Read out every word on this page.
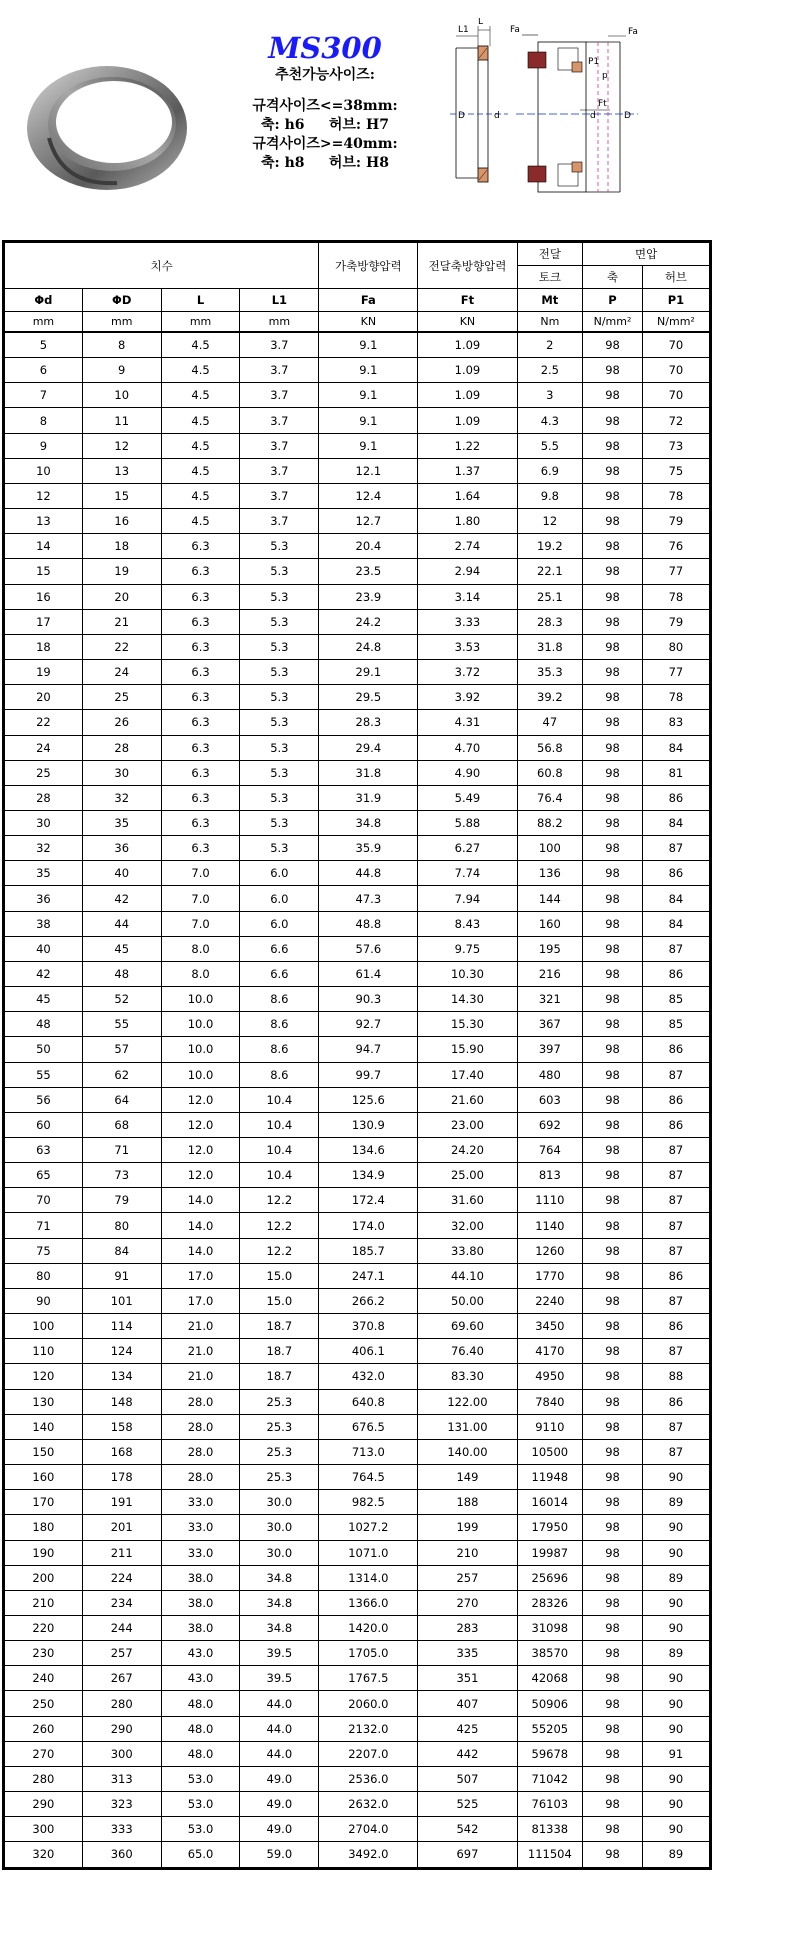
MS300
추천가능사이즈:
규격사이즈<=38mm:
축: h6     허브: H7
규격사이즈>=40mm:
축: h8     허브: H8
L1
L
D	d
Fa	Fa
p
P1
Ft
d	D
치수				가축방향압력	전달축방향압력	전달	면압	
						토크	축	허브
Φd	ΦD	L	L1	Fa	Ft	Mt	P	P1
mm	mm	mm	mm	KN	KN	Nm	N/mm²	N/mm²
5	8	4.5	3.7	9.1	1.09	2	98	70
6	9	4.5	3.7	9.1	1.09	2.5	98	70
7	10	4.5	3.7	9.1	1.09	3	98	70
8	11	4.5	3.7	9.1	1.09	4.3	98	72
9	12	4.5	3.7	9.1	1.22	5.5	98	73
10	13	4.5	3.7	12.1	1.37	6.9	98	75
12	15	4.5	3.7	12.4	1.64	9.8	98	78
13	16	4.5	3.7	12.7	1.80	12	98	79
14	18	6.3	5.3	20.4	2.74	19.2	98	76
15	19	6.3	5.3	23.5	2.94	22.1	98	77
16	20	6.3	5.3	23.9	3.14	25.1	98	78
17	21	6.3	5.3	24.2	3.33	28.3	98	79
18	22	6.3	5.3	24.8	3.53	31.8	98	80
19	24	6.3	5.3	29.1	3.72	35.3	98	77
20	25	6.3	5.3	29.5	3.92	39.2	98	78
22	26	6.3	5.3	28.3	4.31	47	98	83
24	28	6.3	5.3	29.4	4.70	56.8	98	84
25	30	6.3	5.3	31.8	4.90	60.8	98	81
28	32	6.3	5.3	31.9	5.49	76.4	98	86
30	35	6.3	5.3	34.8	5.88	88.2	98	84
32	36	6.3	5.3	35.9	6.27	100	98	87
35	40	7.0	6.0	44.8	7.74	136	98	86
36	42	7.0	6.0	47.3	7.94	144	98	84
38	44	7.0	6.0	48.8	8.43	160	98	84
40	45	8.0	6.6	57.6	9.75	195	98	87
42	48	8.0	6.6	61.4	10.30	216	98	86
45	52	10.0	8.6	90.3	14.30	321	98	85
48	55	10.0	8.6	92.7	15.30	367	98	85
50	57	10.0	8.6	94.7	15.90	397	98	86
55	62	10.0	8.6	99.7	17.40	480	98	87
56	64	12.0	10.4	125.6	21.60	603	98	86
60	68	12.0	10.4	130.9	23.00	692	98	86
63	71	12.0	10.4	134.6	24.20	764	98	87
65	73	12.0	10.4	134.9	25.00	813	98	87
70	79	14.0	12.2	172.4	31.60	1110	98	87
71	80	14.0	12.2	174.0	32.00	1140	98	87
75	84	14.0	12.2	185.7	33.80	1260	98	87
80	91	17.0	15.0	247.1	44.10	1770	98	86
90	101	17.0	15.0	266.2	50.00	2240	98	87
100	114	21.0	18.7	370.8	69.60	3450	98	86
110	124	21.0	18.7	406.1	76.40	4170	98	87
120	134	21.0	18.7	432.0	83.30	4950	98	88
130	148	28.0	25.3	640.8	122.00	7840	98	86
140	158	28.0	25.3	676.5	131.00	9110	98	87
150	168	28.0	25.3	713.0	140.00	10500	98	87
160	178	28.0	25.3	764.5	149	11948	98	90
170	191	33.0	30.0	982.5	188	16014	98	89
180	201	33.0	30.0	1027.2	199	17950	98	90
190	211	33.0	30.0	1071.0	210	19987	98	90
200	224	38.0	34.8	1314.0	257	25696	98	89
210	234	38.0	34.8	1366.0	270	28326	98	90
220	244	38.0	34.8	1420.0	283	31098	98	90
230	257	43.0	39.5	1705.0	335	38570	98	89
240	267	43.0	39.5	1767.5	351	42068	98	90
250	280	48.0	44.0	2060.0	407	50906	98	90
260	290	48.0	44.0	2132.0	425	55205	98	90
270	300	48.0	44.0	2207.0	442	59678	98	91
280	313	53.0	49.0	2536.0	507	71042	98	90
290	323	53.0	49.0	2632.0	525	76103	98	90
300	333	53.0	49.0	2704.0	542	81338	98	90
320	360	65.0	59.0	3492.0	697	111504	98	89
